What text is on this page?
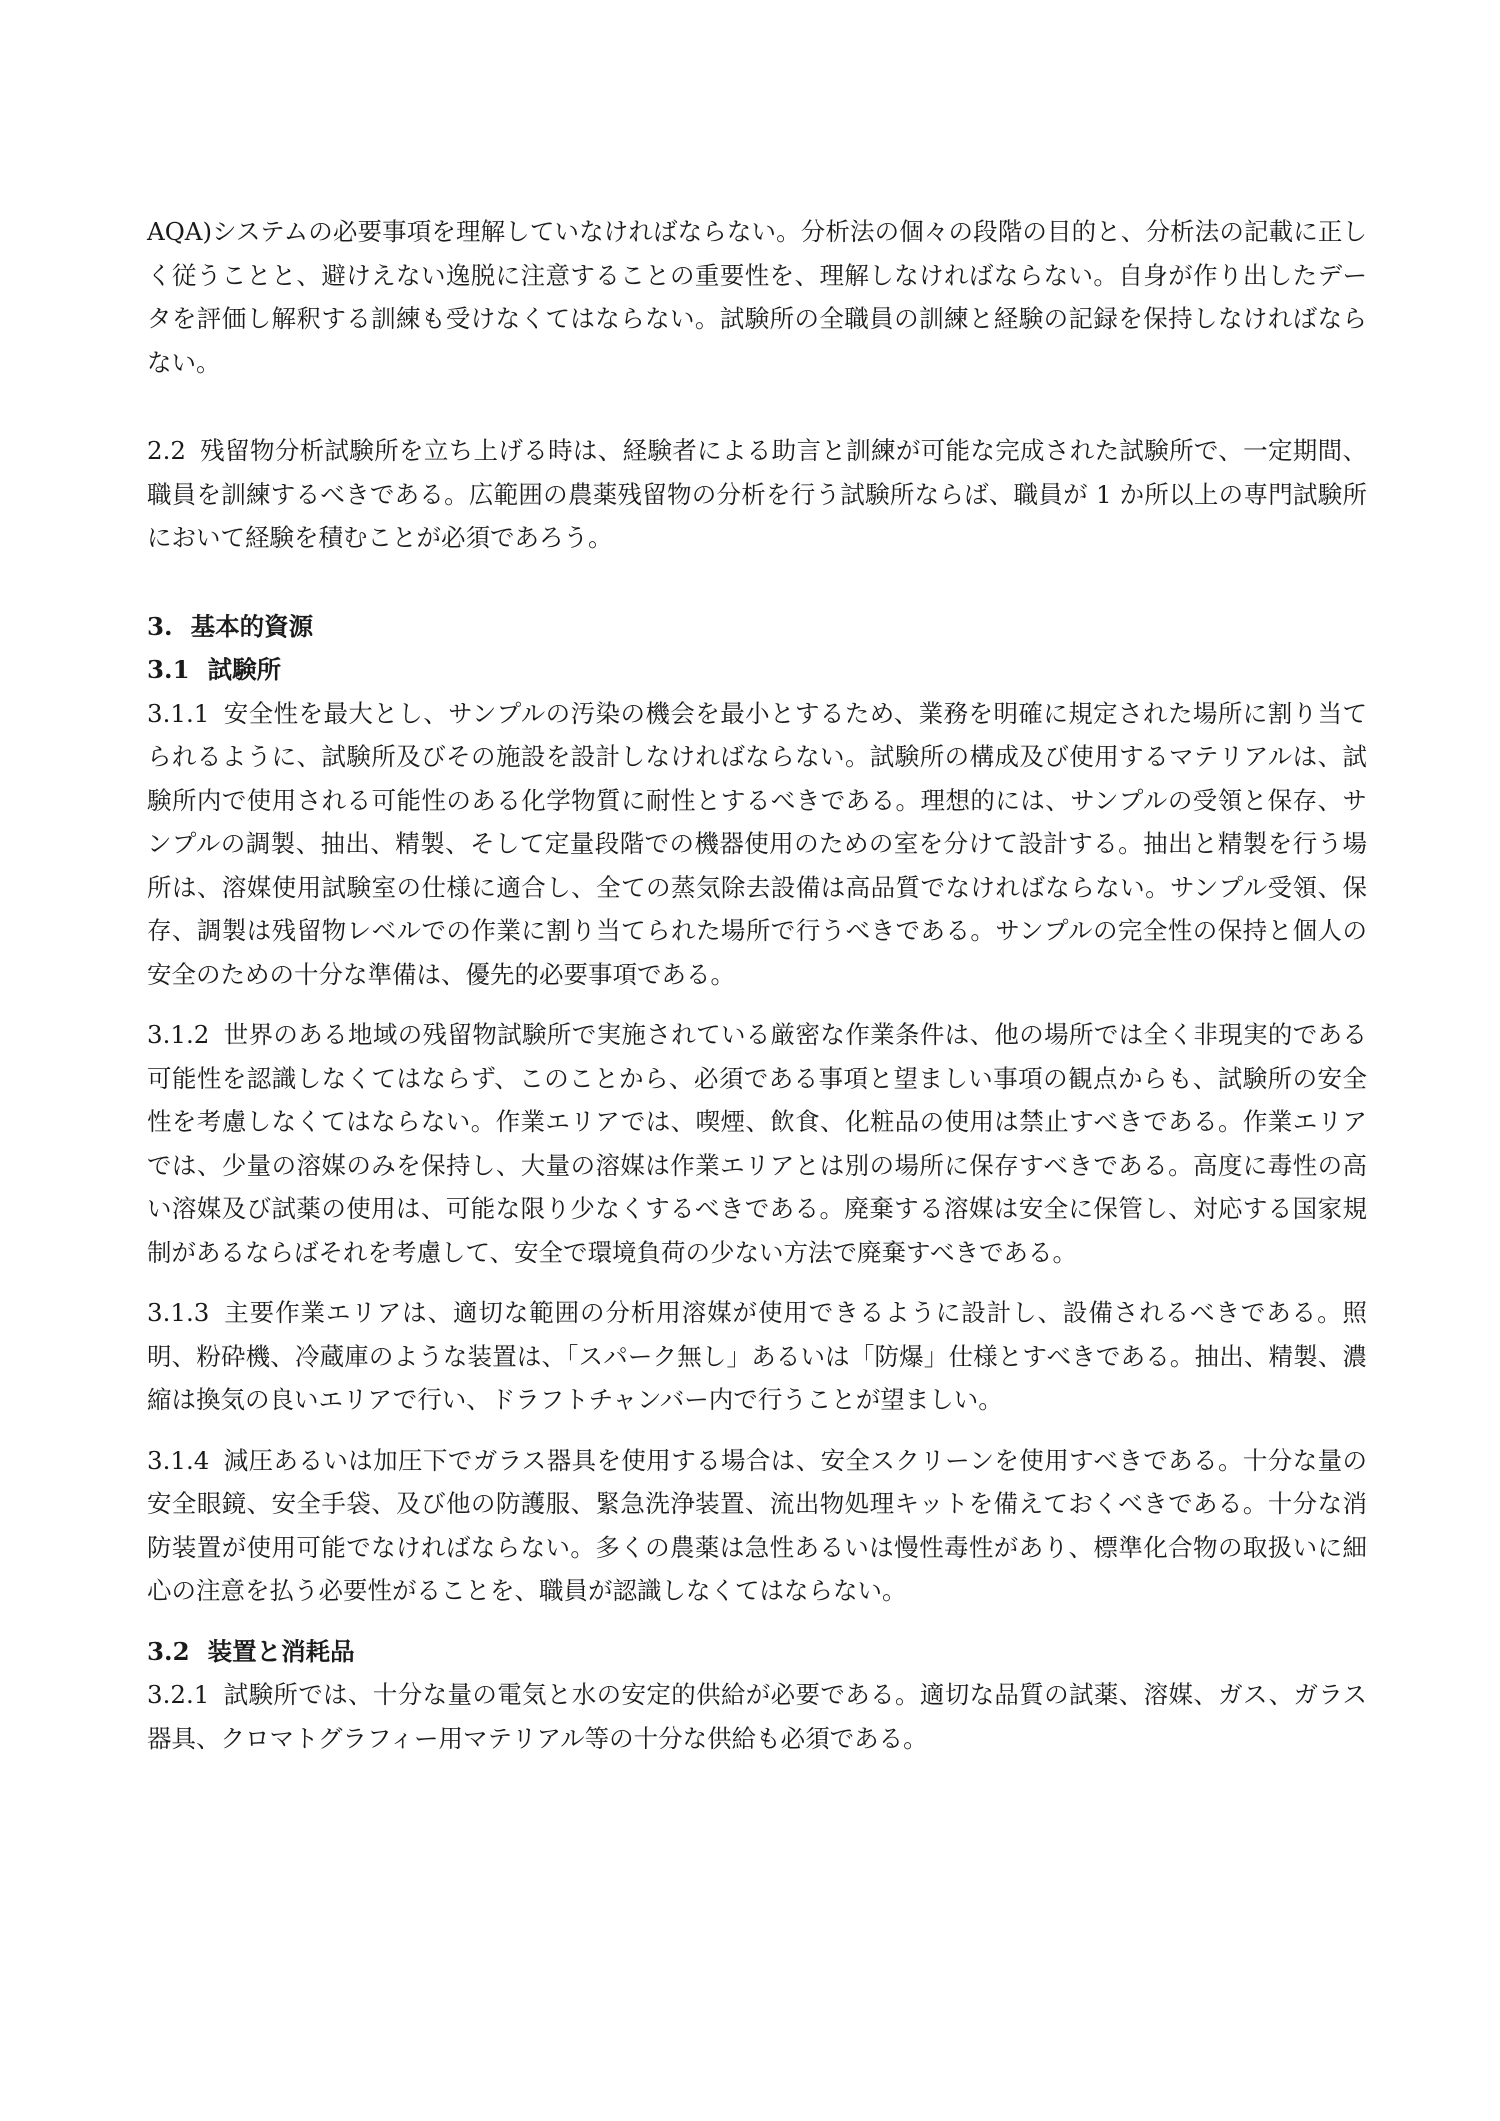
AQA)システムの必要事項を理解していなければならない。分析法の個々の段階の目的と、分析法の記載に正しく従うことと、避けえない逸脱に注意することの重要性を、理解しなければならない。自身が作り出したデータを評価し解釈する訓練も受けなくてはならない。試験所の全職員の訓練と経験の記録を保持しなければならない。

2.2 残留物分析試験所を立ち上げる時は、経験者による助言と訓練が可能な完成された試験所で、一定期間、職員を訓練するべきである。広範囲の農薬残留物の分析を行う試験所ならば、職員が 1 か所以上の専門試験所において経験を積むことが必須であろう。

3. 基本的資源
3.1 試験所

3.1.1 安全性を最大とし、サンプルの汚染の機会を最小とするため、業務を明確に規定された場所に割り当てられるように、試験所及びその施設を設計しなければならない。試験所の構成及び使用するマテリアルは、試験所内で使用される可能性のある化学物質に耐性とするべきである。理想的には、サンプルの受領と保存、サンプルの調製、抽出、精製、そして定量段階での機器使用のための室を分けて設計する。抽出と精製を行う場所は、溶媒使用試験室の仕様に適合し、全ての蒸気除去設備は高品質でなければならない。サンプル受領、保存、調製は残留物レベルでの作業に割り当てられた場所で行うべきである。サンプルの完全性の保持と個人の安全のための十分な準備は、優先的必要事項である。

3.1.2 世界のある地域の残留物試験所で実施されている厳密な作業条件は、他の場所では全く非現実的である可能性を認識しなくてはならず、このことから、必須である事項と望ましい事項の観点からも、試験所の安全性を考慮しなくてはならない。作業エリアでは、喫煙、飲食、化粧品の使用は禁止すべきである。作業エリアでは、少量の溶媒のみを保持し、大量の溶媒は作業エリアとは別の場所に保存すべきである。高度に毒性の高い溶媒及び試薬の使用は、可能な限り少なくするべきである。廃棄する溶媒は安全に保管し、対応する国家規制があるならばそれを考慮して、安全で環境負荷の少ない方法で廃棄すべきである。

3.1.3 主要作業エリアは、適切な範囲の分析用溶媒が使用できるように設計し、設備されるべきである。照明、粉砕機、冷蔵庫のような装置は、「スパーク無し」あるいは「防爆」仕様とすべきである。抽出、精製、濃縮は換気の良いエリアで行い、ドラフトチャンバー内で行うことが望ましい。

3.1.4 減圧あるいは加圧下でガラス器具を使用する場合は、安全スクリーンを使用すべきである。十分な量の安全眼鏡、安全手袋、及び他の防護服、緊急洗浄装置、流出物処理キットを備えておくべきである。十分な消防装置が使用可能でなければならない。多くの農薬は急性あるいは慢性毒性があり、標準化合物の取扱いに細心の注意を払う必要性がることを、職員が認識しなくてはならない。

3.2 装置と消耗品

3.2.1 試験所では、十分な量の電気と水の安定的供給が必要である。適切な品質の試薬、溶媒、ガス、ガラス器具、クロマトグラフィー用マテリアル等の十分な供給も必須である。
